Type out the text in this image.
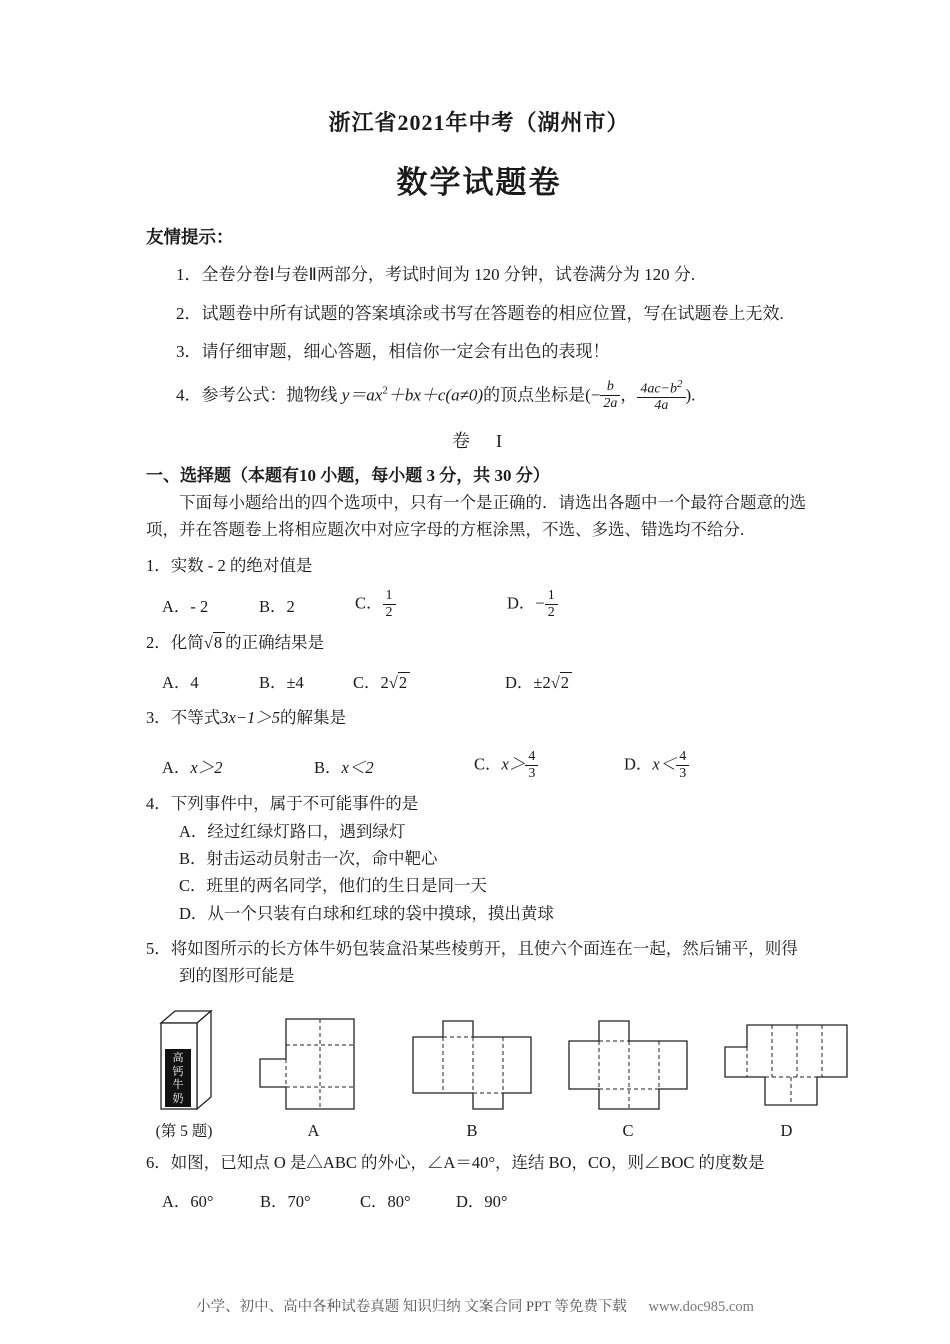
浙江省2021年中考（湖州市）
数学试题卷
友情提示：
1．全卷分卷Ⅰ与卷Ⅱ两部分，考试时间为 120 分钟，试卷满分为 120 分.
2．试题卷中所有试题的答案填涂或书写在答题卷的相应位置，写在试题卷上无效.
3．请仔细审题，细心答题，相信你一定会有出色的表现！
4．参考公式：抛物线 $y=ax^2+bx+c(a\ne 0)$的顶点坐标是(− $\frac{b}{2a}$ ， $\frac{4ac-b^2}{4a}$ ).
卷　I
一、选择题（本题有10 小题，每小题 3 分，共 30 分）
下面每小题给出的四个选项中，只有一个是正确的．请选出各题中一个最符合题意的选项，并在答题卷上将相应题次中对应字母的方框涂黑，不选、多选、错选均不给分.
1．实数 - 2 的绝对值是
A．- 2	B．2	C． $\frac{1}{2}$	D．− $\frac{1}{2}$
2．化简√8 的正确结果是
A．4	B．±4	C．2√2	D．±2√2
3．不等式3x−1＞5的解集是
A．x＞2	B．x＜2	C．$x> \frac{4}{3}$	D．$x< \frac{4}{3}$
4．下列事件中，属于不可能事件的是
A．经过红绿灯路口，遇到绿灯
B．射击运动员射击一次，命中靶心
C．班里的两名同学，他们的生日是同一天
D．从一个只装有白球和红球的袋中摸球，摸出黄球
5．将如图所示的长方体牛奶包装盒沿某些棱剪开，且使六个面连在一起，然后铺平，则得到的图形可能是
高
钙
牛
奶
(第 5 题)	A	B	C	D
6．如图，已知点 O 是△ABC 的外心，∠A＝40°，连结 BO，CO，则∠BOC 的度数是
A．60°	B．70°	C．80°	D．90°
小学、初中、高中各种试卷真题 知识归纳 文案合同 PPT 等免费下载 www.doc985.com
